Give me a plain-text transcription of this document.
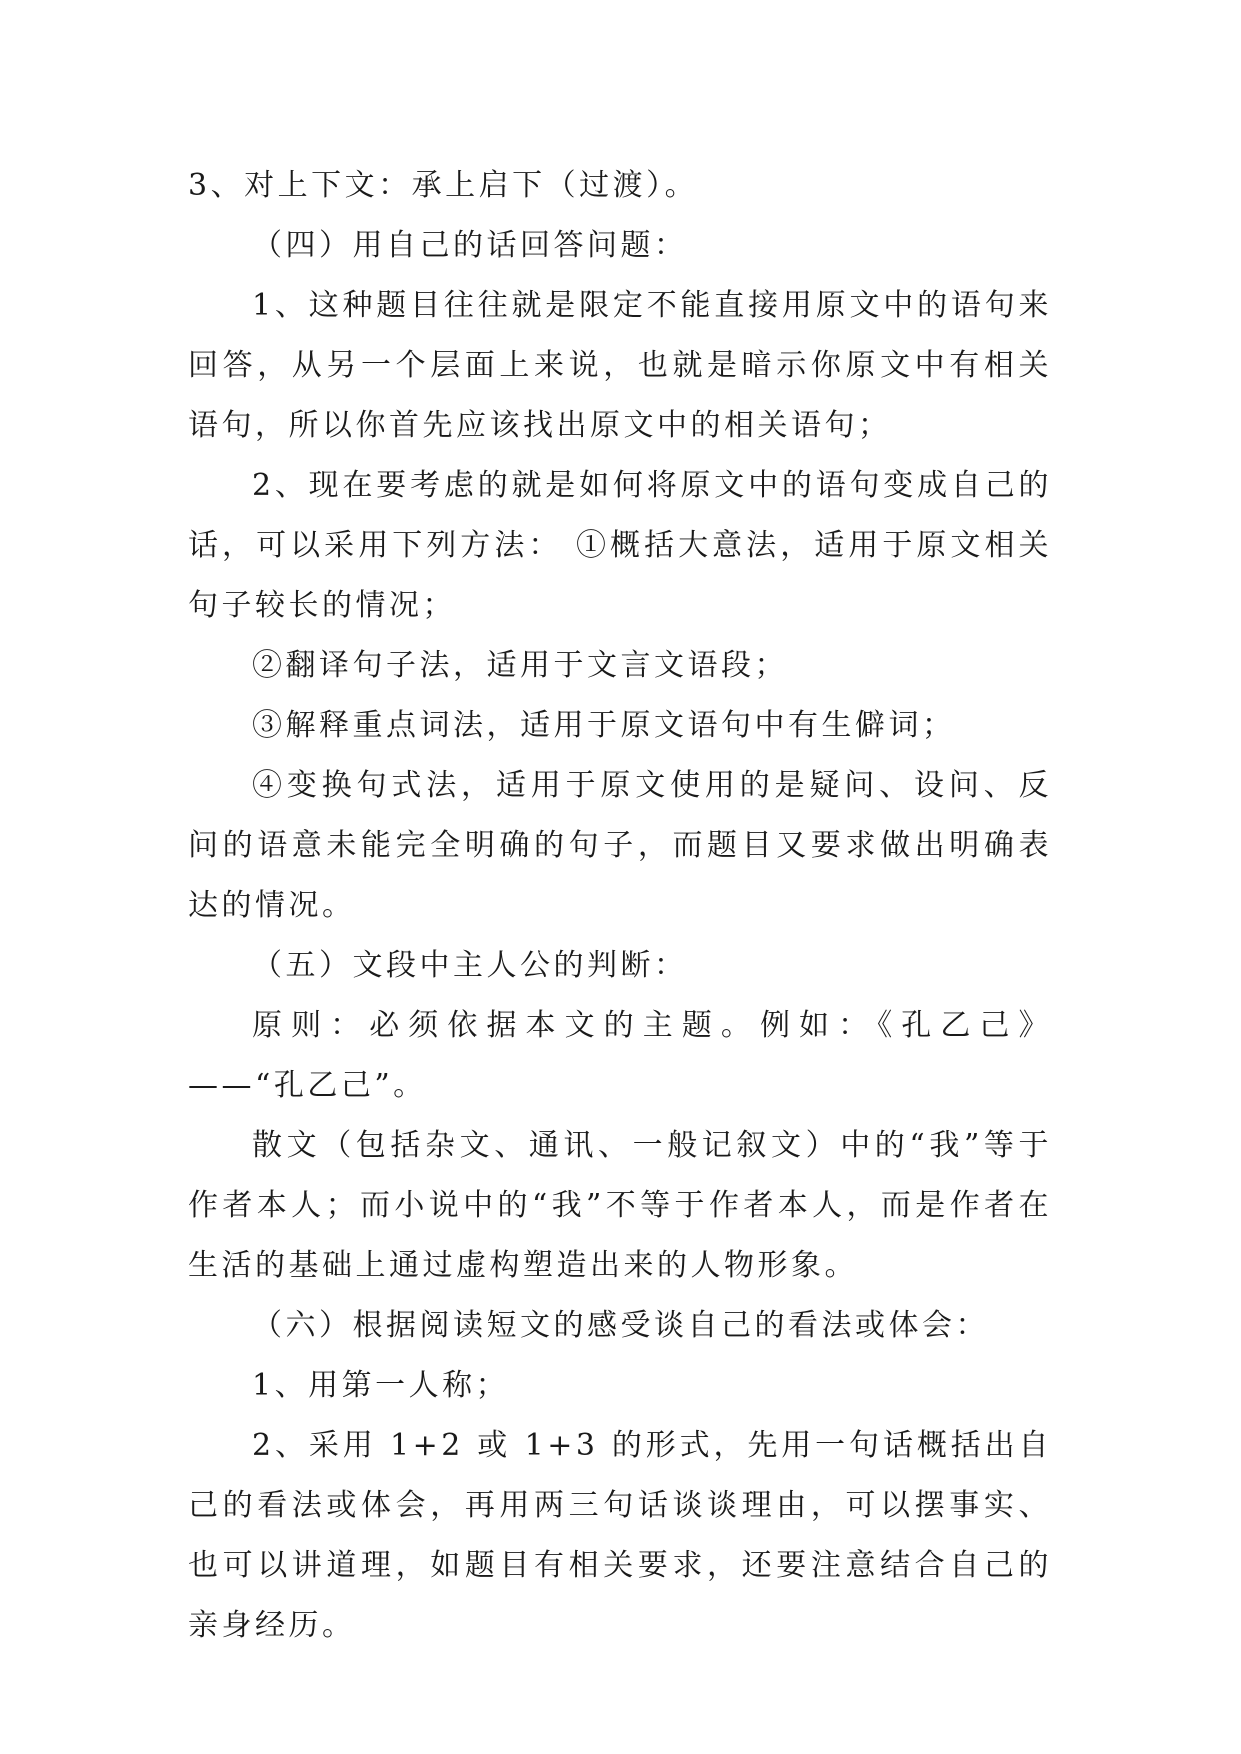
3、对上下文：承上启下（过渡）。

（四）用自己的话回答问题：

1、这种题目往往就是限定不能直接用原文中的语句来回答，从另一个层面上来说，也就是暗示你原文中有相关语句，所以你首先应该找出原文中的相关语句；

2、现在要考虑的就是如何将原文中的语句变成自己的话，可以采用下列方法： ①概括大意法，适用于原文相关句子较长的情况；

②翻译句子法，适用于文言文语段；

③解释重点词法，适用于原文语句中有生僻词；

④变换句式法，适用于原文使用的是疑问、设问、反问的语意未能完全明确的句子，而题目又要求做出明确表达的情况。

（五）文段中主人公的判断：

原则：必须依据本文的主题。例如：《孔乙己》——“孔乙己”。

散文（包括杂文、通讯、一般记叙文）中的“我”等于作者本人；而小说中的“我”不等于作者本人，而是作者在生活的基础上通过虚构塑造出来的人物形象。

（六）根据阅读短文的感受谈自己的看法或体会：

1、用第一人称；

2、采用 1+2 或 1+3 的形式，先用一句话概括出自己的看法或体会，再用两三句话谈谈理由，可以摆事实、也可以讲道理，如题目有相关要求，还要注意结合自己的亲身经历。
